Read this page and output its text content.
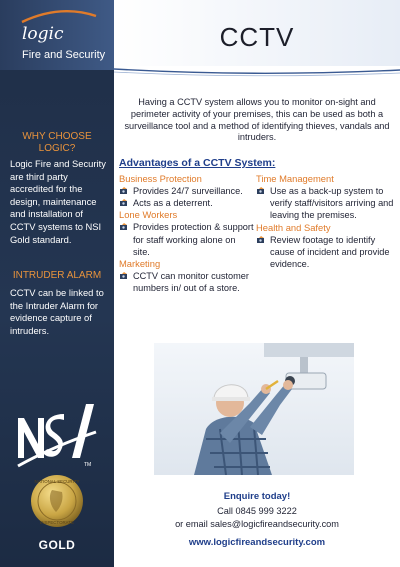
logic
Fire and Security
WHY CHOOSE LOGIC?
Logic Fire and Security are third party accredited for the design, maintenance and installation of CCTV systems to NSI Gold standard.
INTRUDER ALARM
CCTV can be linked to the Intruder Alarm for evidence capture of intruders.
TM
NATIONAL SECURITY
INSPECTORATE
GOLD
CCTV
Having a CCTV system allows you to monitor on-sight and perimeter activity of your premises, this can be used as both a surveillance tool and a method of identifying thieves, vandals and intruders.
Advantages of a CCTV System:
Business Protection
Provides 24/7 surveillance.
Acts as a deterrent.
Lone Workers
Provides protection & support for staff working alone on site.
Marketing
CCTV can monitor customer numbers in/ out of a store.
Time Management
Use as a back-up system to verify staff/visitors arriving and leaving the premises.
Health and Safety
Review footage to identify cause of incident and provide evidence.
Enquire today!
Call 0845 999 3222
or email sales@logicfireandsecurity.com
www.logicfireandsecurity.com
